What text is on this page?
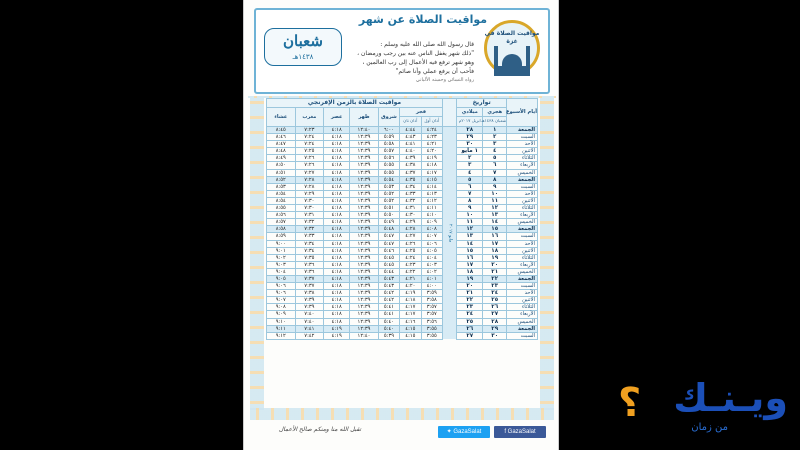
مواقيت الصلاة عن شهر
شعبان
١٤٣٨هـ
قال رسول الله صلى الله عليه وسلم :
"ذلك شهر يغفل الناس عنه بين رجب ورمضان ،
وهو شهر ترفع فيه الأعمال إلى رب العالمين ،
فأحب أن يرفع عملي وأنا صائم"
رواه النسائي وحسنه الألباني
مواقيت الصلاة في غزة
أيام الأسبوع	تواريخ			مواقيت الصلاة بالزمن الإفرنجي						
	هجري	ميلادي		فجر		شروق	ظهر	عصر	مغرب	عشاء
	شعبان ١٤٣٨هـ	ابريل ٢٠١٧م		أذان أول	أذان ثان					
الجمعة	١	٢٨	مايو ٢٠١٧	٤:٢٤	٤:٤٤	٦:٠٠	١٢:٤٠	٤:١٨	٧:٢٣	٨:٤٥
السبت	٢	٢٩		٤:٢٣	٤:٤٣	٥:٥٩	١٢:٣٩	٤:١٨	٧:٢٤	٨:٤٦
الأحد	٣	٣٠		٤:٢١	٤:٤١	٥:٥٨	١٢:٣٩	٤:١٨	٧:٢٤	٨:٤٧
الاثنين	٤	١ مايو		٤:٢٠	٤:٤٠	٥:٥٧	١٢:٣٩	٤:١٨	٧:٢٥	٨:٤٨
الثلاثاء	٥	٢		٤:١٩	٤:٣٩	٥:٥٦	١٢:٣٩	٤:١٨	٧:٢٦	٨:٤٩
الأربعاء	٦	٣		٤:١٨	٤:٣٨	٥:٥٥	١٢:٣٩	٤:١٨	٧:٢٦	٨:٥٠
الخميس	٧	٤		٤:١٧	٤:٣٧	٥:٥٥	١٢:٣٩	٤:١٨	٧:٢٧	٨:٥١
الجمعة	٨	٥		٤:١٥	٤:٣٥	٥:٥٤	١٢:٣٩	٤:١٨	٧:٢٨	٨:٥٢
السبت	٩	٦		٤:١٤	٤:٣٤	٥:٥٣	١٢:٣٩	٤:١٨	٧:٢٨	٨:٥٣
الأحد	١٠	٧		٤:١٣	٤:٣٣	٥:٥٢	١٢:٣٩	٤:١٨	٧:٢٩	٨:٥٤
الاثنين	١١	٨		٤:١٢	٤:٣٢	٥:٥٢	١٢:٣٩	٤:١٨	٧:٣٠	٨:٥٤
الثلاثاء	١٢	٩		٤:١١	٤:٣١	٥:٥١	١٢:٣٩	٤:١٨	٧:٣٠	٨:٥٥
الأربعاء	١٣	١٠		٤:١٠	٤:٣٠	٥:٥٠	١٢:٣٩	٤:١٨	٧:٣١	٨:٥٦
الخميس	١٤	١١		٤:٠٩	٤:٢٩	٥:٤٩	١٢:٣٩	٤:١٨	٧:٣٢	٨:٥٧
الجمعة	١٥	١٢		٤:٠٨	٤:٢٨	٥:٤٨	١٢:٣٩	٤:١٨	٧:٣٢	٨:٥٨
السبت	١٦	١٣		٤:٠٧	٤:٢٧	٥:٤٧	١٢:٣٩	٤:١٨	٧:٣٣	٨:٥٩
الأحد	١٧	١٤		٤:٠٦	٤:٢٦	٥:٤٧	١٢:٣٩	٤:١٨	٧:٣٤	٩:٠٠
الاثنين	١٨	١٥		٤:٠٥	٤:٢٥	٥:٤٦	١٢:٣٩	٤:١٨	٧:٣٤	٩:٠١
الثلاثاء	١٩	١٦		٤:٠٤	٤:٢٤	٥:٤٥	١٢:٣٩	٤:١٨	٧:٣٥	٩:٠٢
الأربعاء	٢٠	١٧		٤:٠٣	٤:٢٣	٥:٤٥	١٢:٣٩	٤:١٨	٧:٣٦	٩:٠٣
الخميس	٢١	١٨		٤:٠٢	٤:٢٢	٥:٤٤	١٢:٣٩	٤:١٨	٧:٣٦	٩:٠٤
الجمعة	٢٢	١٩		٤:٠١	٤:٢١	٥:٤٣	١٢:٣٩	٤:١٨	٧:٣٧	٩:٠٥
السبت	٢٣	٢٠		٤:٠٠	٤:٢٠	٥:٤٣	١٢:٣٩	٤:١٨	٧:٣٧	٩:٠٦
الأحد	٢٤	٢١		٣:٥٩	٤:١٩	٥:٤٢	١٢:٣٩	٤:١٨	٧:٣٨	٩:٠٦
الاثنين	٢٥	٢٢		٣:٥٨	٤:١٨	٥:٤٢	١٢:٣٩	٤:١٨	٧:٣٩	٩:٠٧
الثلاثاء	٢٦	٢٣		٣:٥٧	٤:١٧	٥:٤١	١٢:٣٩	٤:١٨	٧:٣٩	٩:٠٨
الأربعاء	٢٧	٢٤		٣:٥٧	٤:١٧	٥:٤١	١٢:٣٩	٤:١٨	٧:٤٠	٩:٠٩
الخميس	٢٨	٢٥		٣:٥٦	٤:١٦	٥:٤٠	١٢:٣٩	٤:١٨	٧:٤٠	٩:١٠
الجمعة	٢٩	٢٦		٣:٥٥	٤:١٥	٥:٤٠	١٢:٣٩	٤:١٩	٧:٤١	٩:١١
السبت	٣٠	٢٧		٣:٥٥	٤:١٥	٥:٣٩	١٢:٤٠	٤:١٩	٧:٤٢	٩:١٢
تقبل الله منا ومنكم صالح الأعمال	✦ GazaSalat	f GazaSalat
؟ ويـنـك
من زمان
